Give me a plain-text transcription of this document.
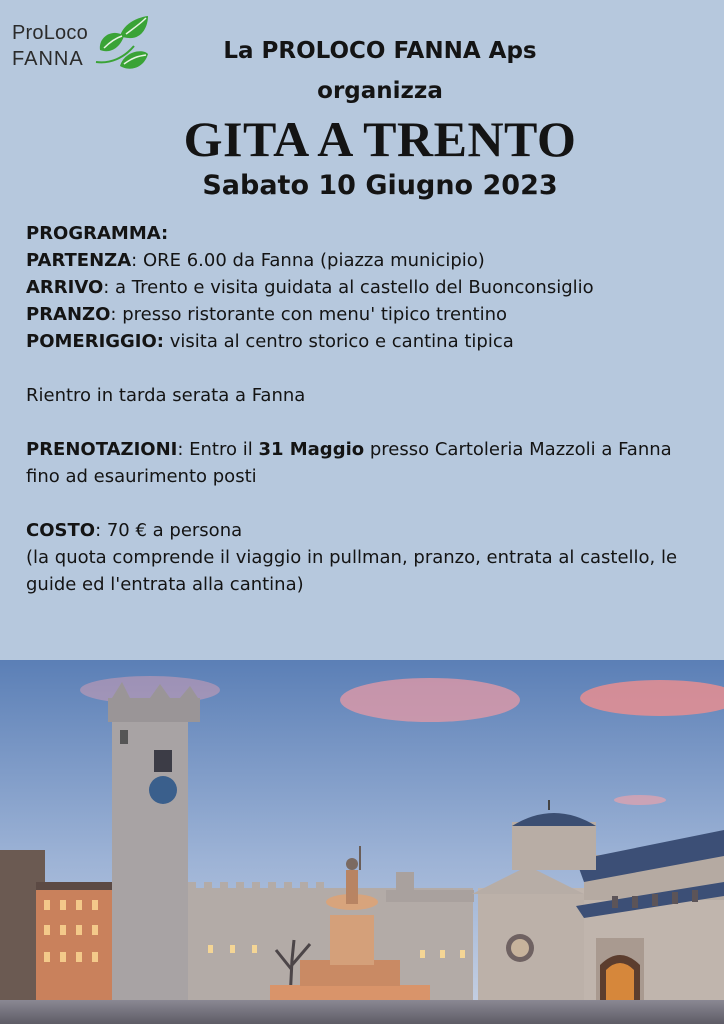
ProLoco
FANNA	La PROLOCO FANNA Aps
organizza
GITA A TRENTO
Sabato 10 Giugno 2023
PROGRAMMA:
PARTENZA: ORE 6.00 da Fanna (piazza municipio)
ARRIVO: a Trento e visita guidata al castello del Buonconsiglio
PRANZO: presso ristorante con menu' tipico trentino
POMERIGGIO: visita al centro storico e cantina tipica
Rientro in tarda serata a Fanna
PRENOTAZIONI: Entro il 31 Maggio presso Cartoleria Mazzoli a Fanna
fino ad esaurimento posti
COSTO: 70 € a persona
(la quota comprende il viaggio in pullman, pranzo, entrata al castello, le
guide ed l'entrata alla cantina)
